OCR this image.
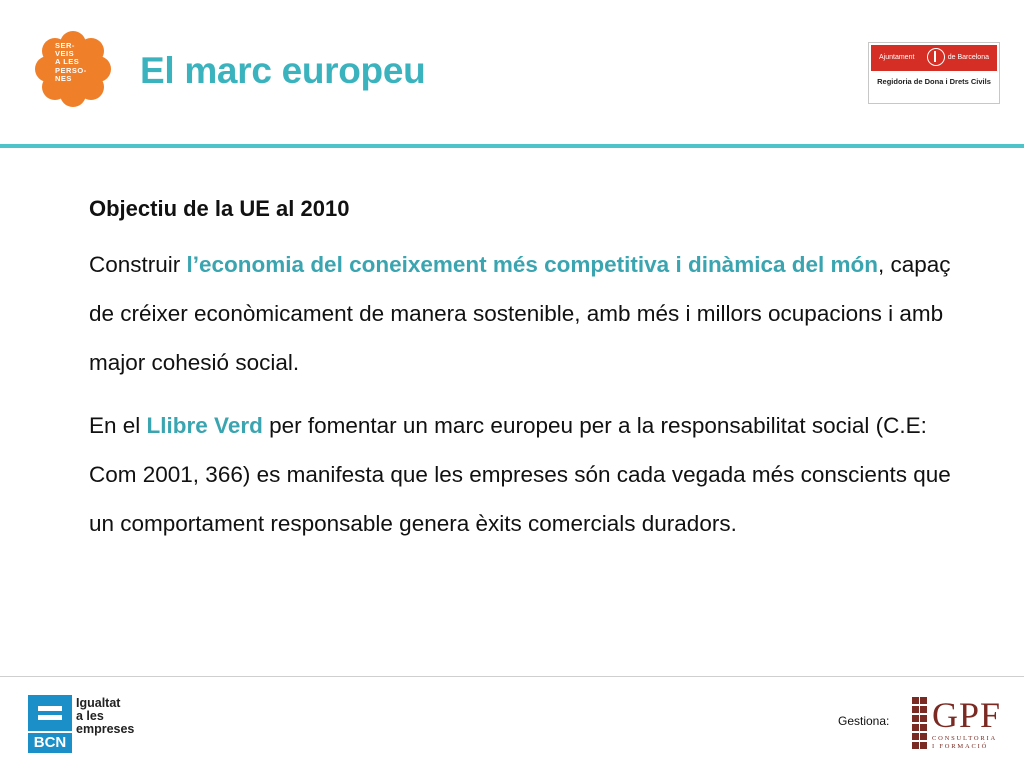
SER-
VEIS
A LES
PERSO-
NES	El marc europeu	Ajuntament	de Barcelona
Regidoria de Dona i Drets Civils

Objectiu de la UE al 2010

Construir l’economia del coneixement més competitiva i dinàmica del món, capaç de créixer econòmicament de manera sostenible, amb més i millors ocupacions i amb major cohesió social.

En el Llibre Verd per fomentar un marc europeu per a la responsabilitat social (C.E: Com 2001, 366) es manifesta que les empreses són cada vegada més conscients que un comportament responsable genera èxits comercials duradors.

BCN
Igualtat
a les
empreses
Gestiona: GPF
CONSULTORIA
I FORMACIÓ
